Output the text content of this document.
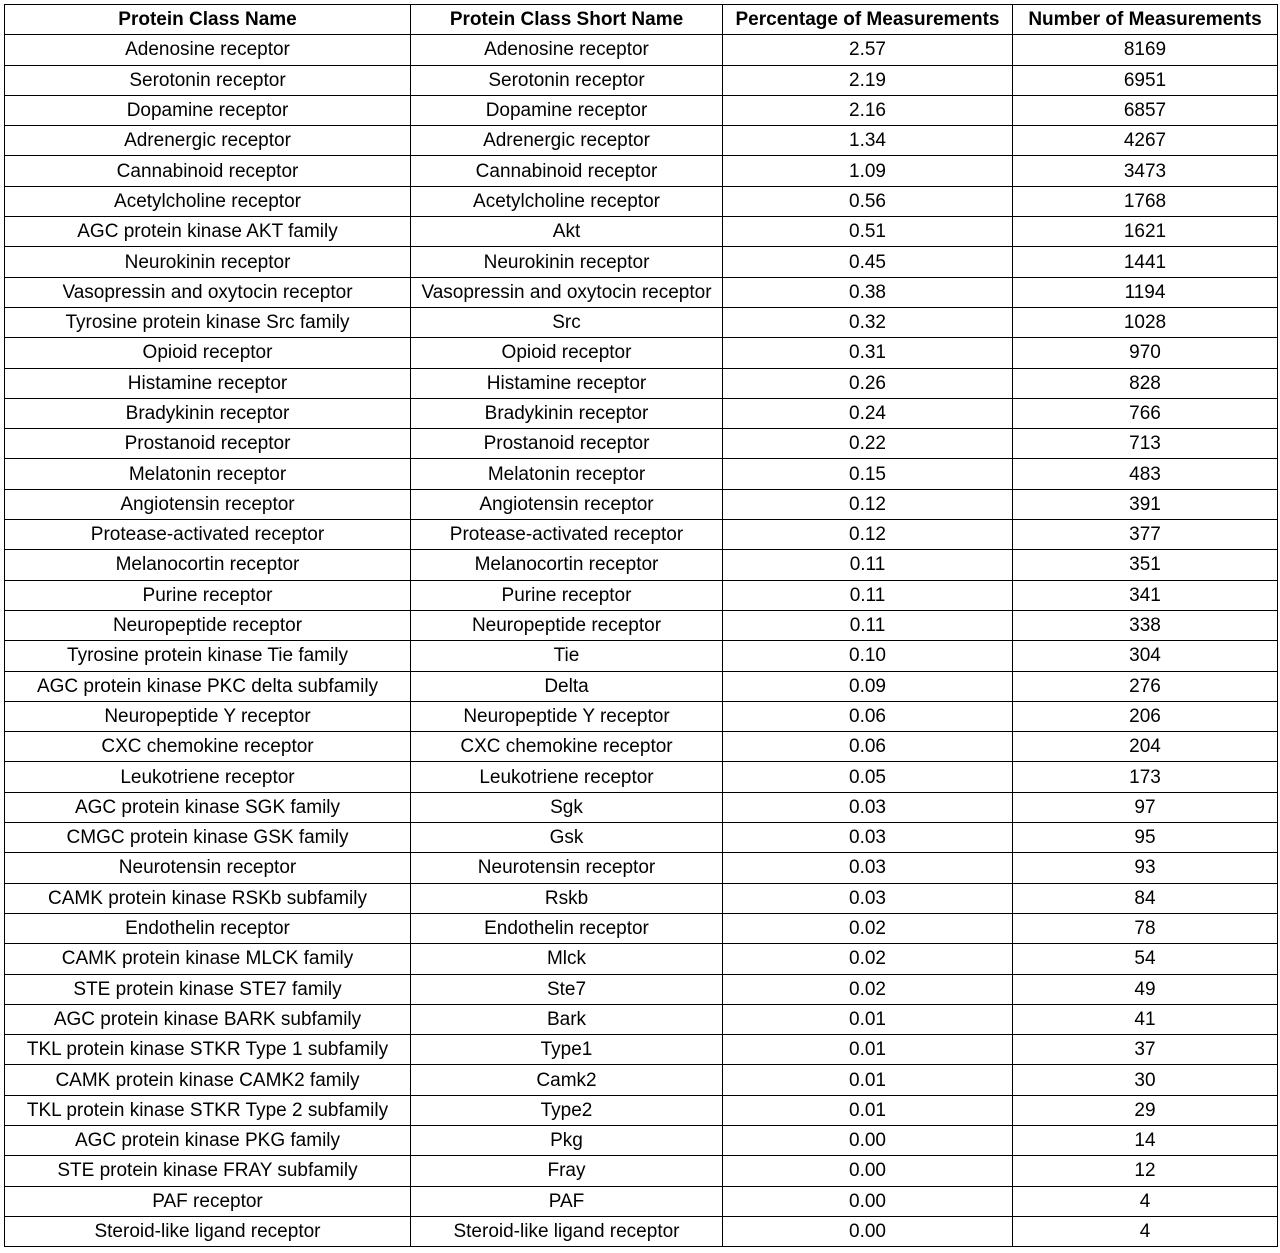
Protein Class Name	Protein Class Short Name	Percentage of Measurements	Number of Measurements
Adenosine receptor	Adenosine receptor	2.57	8169
Serotonin receptor	Serotonin receptor	2.19	6951
Dopamine receptor	Dopamine receptor	2.16	6857
Adrenergic receptor	Adrenergic receptor	1.34	4267
Cannabinoid receptor	Cannabinoid receptor	1.09	3473
Acetylcholine receptor	Acetylcholine receptor	0.56	1768
AGC protein kinase AKT family	Akt	0.51	1621
Neurokinin receptor	Neurokinin receptor	0.45	1441
Vasopressin and oxytocin receptor	Vasopressin and oxytocin receptor	0.38	1194
Tyrosine protein kinase Src family	Src	0.32	1028
Opioid receptor	Opioid receptor	0.31	970
Histamine receptor	Histamine receptor	0.26	828
Bradykinin receptor	Bradykinin receptor	0.24	766
Prostanoid receptor	Prostanoid receptor	0.22	713
Melatonin receptor	Melatonin receptor	0.15	483
Angiotensin receptor	Angiotensin receptor	0.12	391
Protease-activated receptor	Protease-activated receptor	0.12	377
Melanocortin receptor	Melanocortin receptor	0.11	351
Purine receptor	Purine receptor	0.11	341
Neuropeptide receptor	Neuropeptide receptor	0.11	338
Tyrosine protein kinase Tie family	Tie	0.10	304
AGC protein kinase PKC delta subfamily	Delta	0.09	276
Neuropeptide Y receptor	Neuropeptide Y receptor	0.06	206
CXC chemokine receptor	CXC chemokine receptor	0.06	204
Leukotriene receptor	Leukotriene receptor	0.05	173
AGC protein kinase SGK family	Sgk	0.03	97
CMGC protein kinase GSK family	Gsk	0.03	95
Neurotensin receptor	Neurotensin receptor	0.03	93
CAMK protein kinase RSKb subfamily	Rskb	0.03	84
Endothelin receptor	Endothelin receptor	0.02	78
CAMK protein kinase MLCK family	Mlck	0.02	54
STE protein kinase STE7 family	Ste7	0.02	49
AGC protein kinase BARK subfamily	Bark	0.01	41
TKL protein kinase STKR Type 1 subfamily	Type1	0.01	37
CAMK protein kinase CAMK2 family	Camk2	0.01	30
TKL protein kinase STKR Type 2 subfamily	Type2	0.01	29
AGC protein kinase PKG family	Pkg	0.00	14
STE protein kinase FRAY subfamily	Fray	0.00	12
PAF receptor	PAF	0.00	4
Steroid-like ligand receptor	Steroid-like ligand receptor	0.00	4
